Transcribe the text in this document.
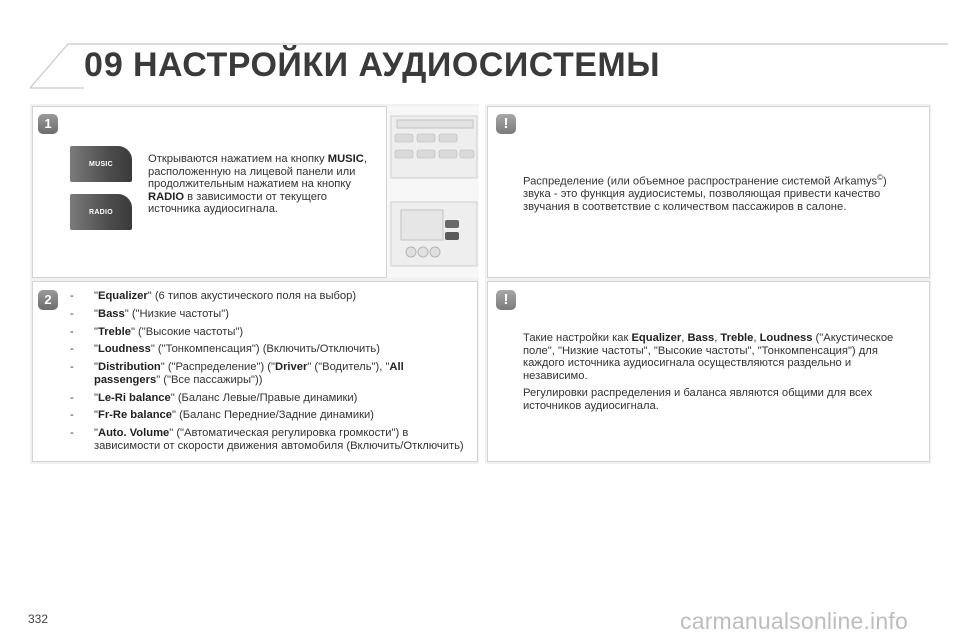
09 НАСТРОЙКИ АУДИОСИСТЕМЫ
1
MUSIC
RADIO
Открываются нажатием на кнопку MUSIC, расположенную на лицевой панели или продолжительным нажатием на кнопку RADIO в зависимости от текущего источника аудиосигнала.
!
Распределение (или объемное распространение системой Arkamys©) звука - это функция аудиосистемы, позволяющая привести качество звучания в соответствие с количеством пассажиров в салоне.
2	- "Equalizer" (6 типов акустического поля на выбор)
- "Bass" ("Низкие частоты")
- "Treble" ("Высокие частоты")
- "Loudness" ("Тонкомпенсация") (Включить/Отключить)
- "Distribution" ("Распределение") ("Driver" ("Водитель"), "All passengers" ("Все пассажиры"))
- "Le-Ri balance" (Баланс Левые/Правые динамики)
- "Fr-Re balance" (Баланс Передние/Задние динамики)
- "Auto. Volume" ("Автоматическая регулировка громкости") в зависимости от скорости движения автомобиля (Включить/Отключить)
!
Такие настройки как Equalizer, Bass, Treble, Loudness ("Акустическое поле", "Низкие частоты", "Высокие частоты", "Тонкомпенсация") для каждого источника аудиосигнала осуществляются раздельно и независимо.
Регулировки распределения и баланса являются общими для всех источников аудиосигнала.
332	carmanualsonline.info
